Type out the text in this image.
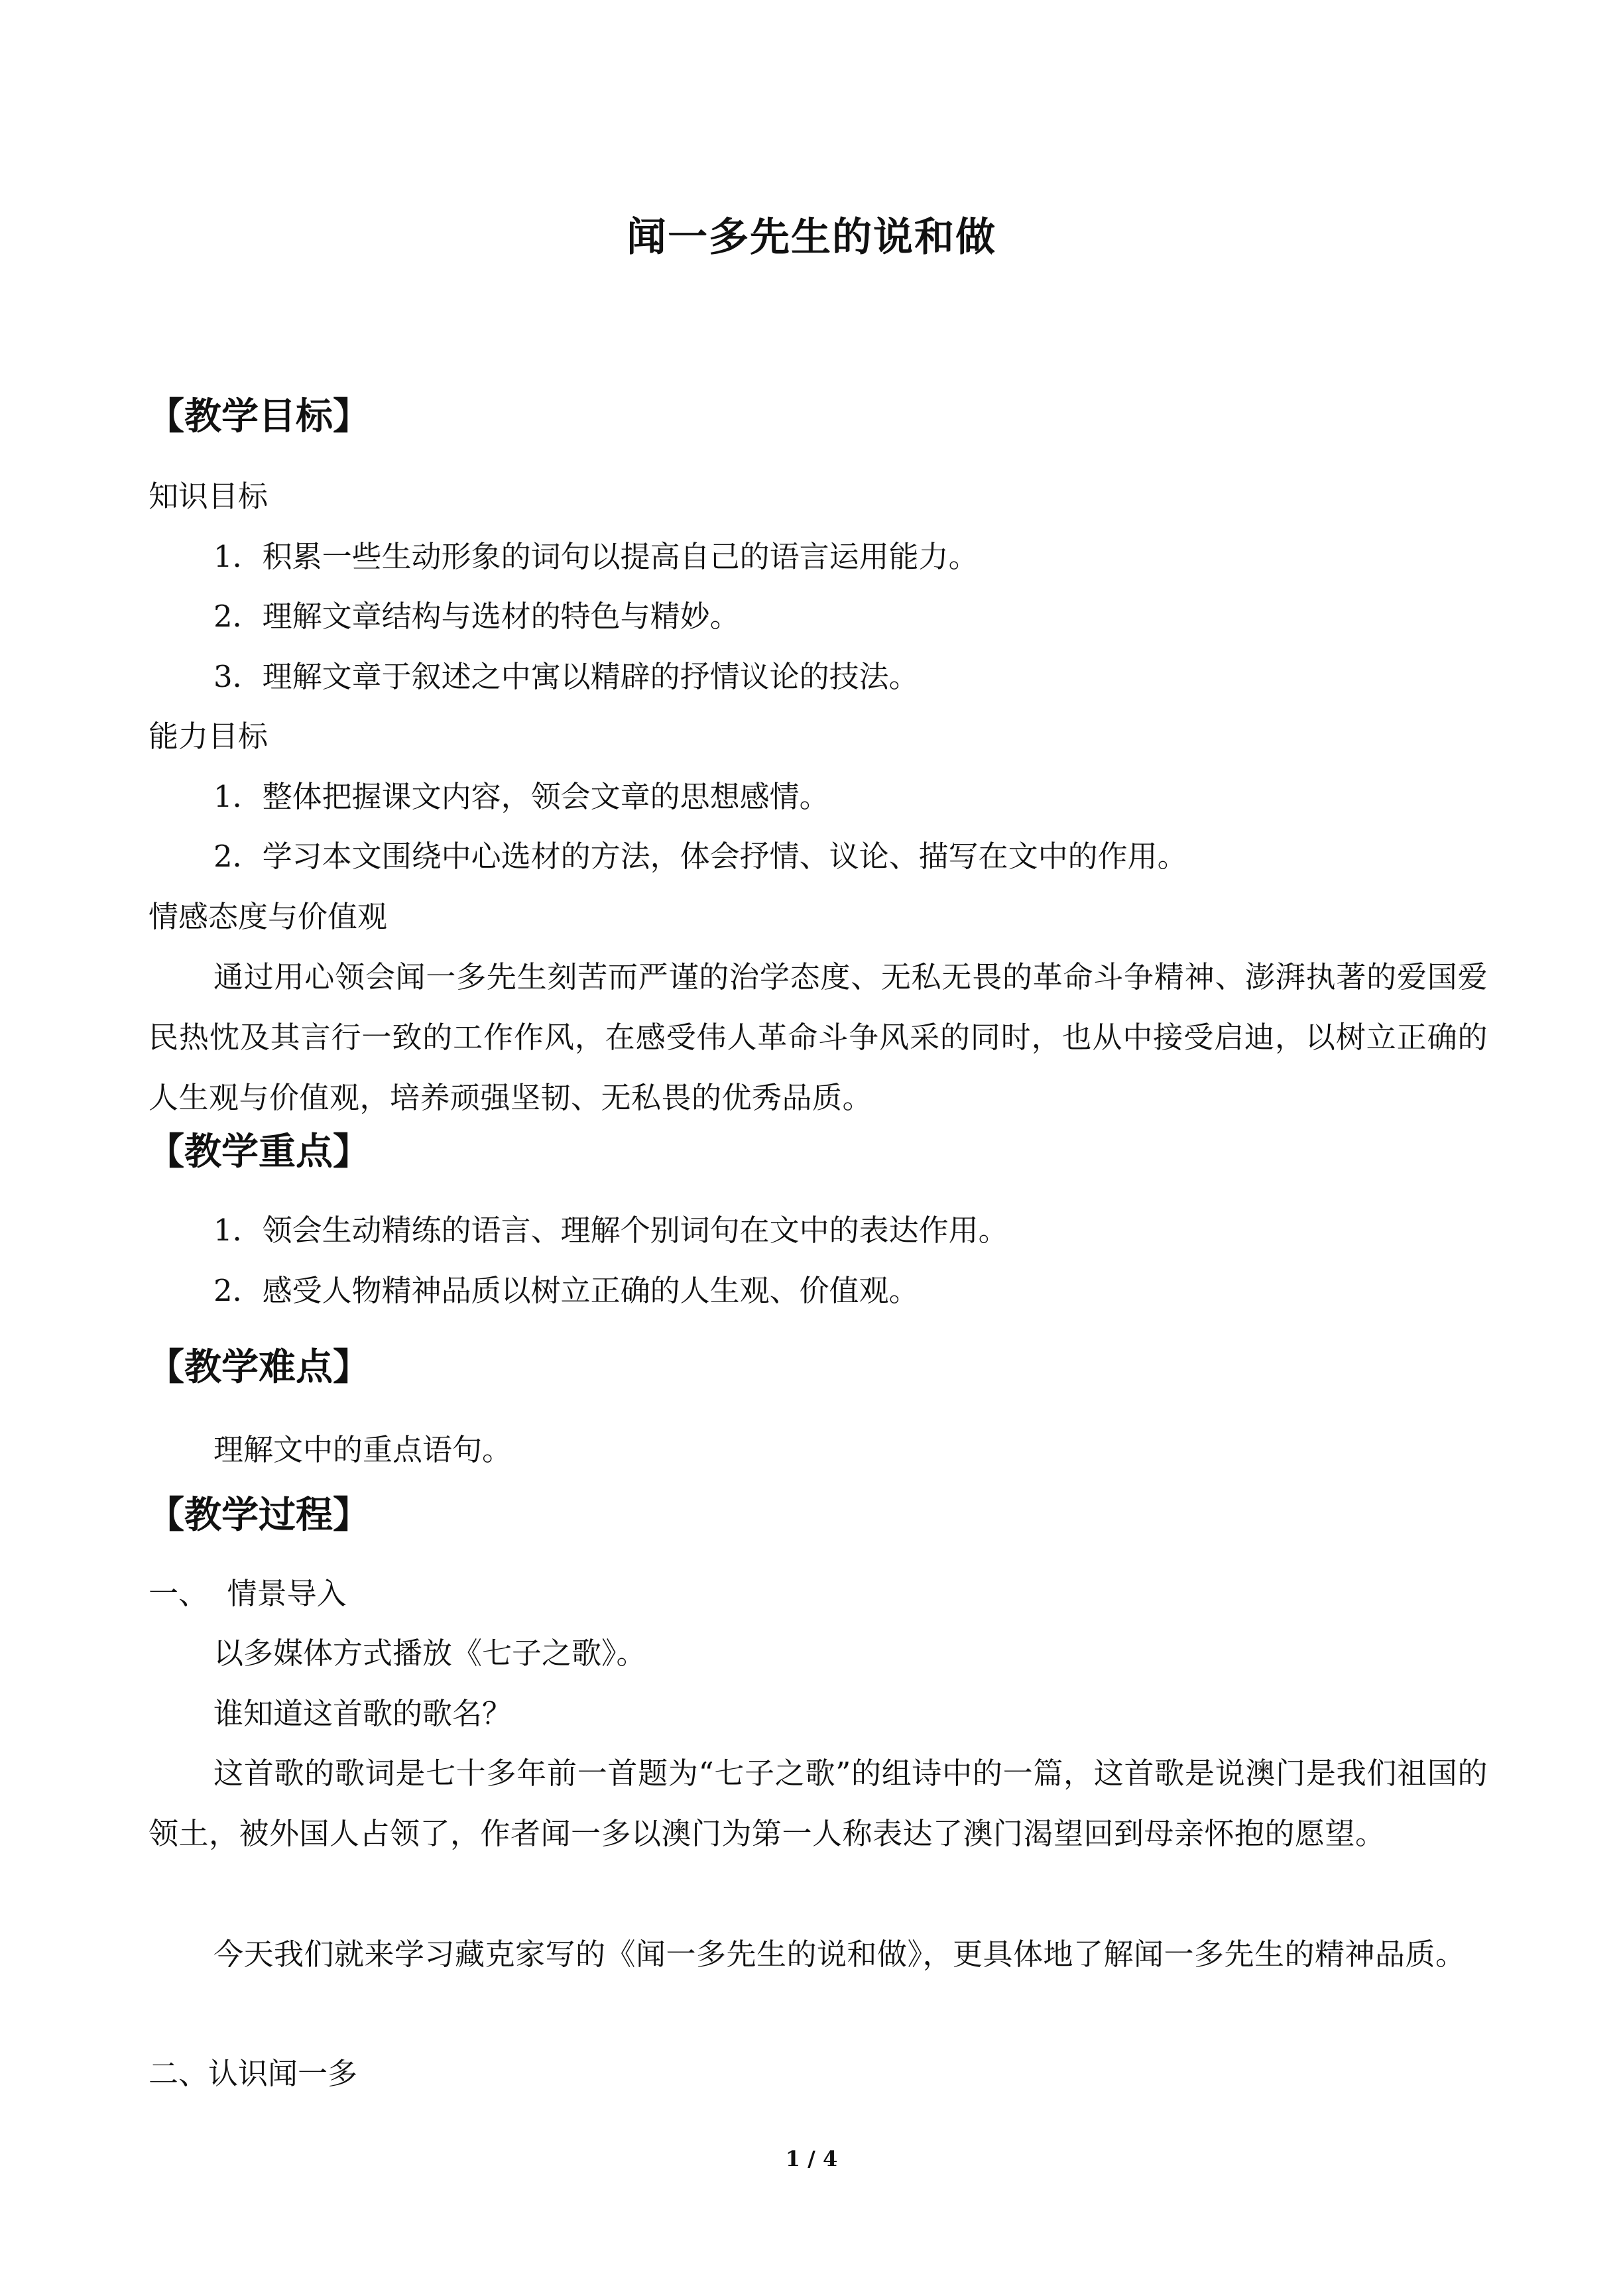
闻一多先生的说和做
【教学目标】

知识目标

1．积累一些生动形象的词句以提高自己的语言运用能力。

2．理解文章结构与选材的特色与精妙。

3．理解文章于叙述之中寓以精辟的抒情议论的技法。

能力目标

1．整体把握课文内容，领会文章的思想感情。

2．学习本文围绕中心选材的方法，体会抒情、议论、描写在文中的作用。

情感态度与价值观

通过用心领会闻一多先生刻苦而严谨的治学态度、无私无畏的革命斗争精神、澎湃执著的爱国爱民热忱及其言行一致的工作作风，在感受伟人革命斗争风采的同时，也从中接受启迪，以树立正确的人生观与价值观，培养顽强坚韧、无私畏的优秀品质。

【教学重点】

1．领会生动精练的语言、理解个别词句在文中的表达作用。

2．感受人物精神品质以树立正确的人生观、价值观。

【教学难点】

理解文中的重点语句。

【教学过程】

一、  情景导入

以多媒体方式播放《七子之歌》。

谁知道这首歌的歌名？

这首歌的歌词是七十多年前一首题为“七子之歌”的组诗中的一篇，这首歌是说澳门是我们祖国的领土，被外国人占领了，作者闻一多以澳门为第一人称表达了澳门渴望回到母亲怀抱的愿望。

今天我们就来学习藏克家写的《闻一多先生的说和做》，更具体地了解闻一多先生的精神品质。

二、认识闻一多

1 / 4
